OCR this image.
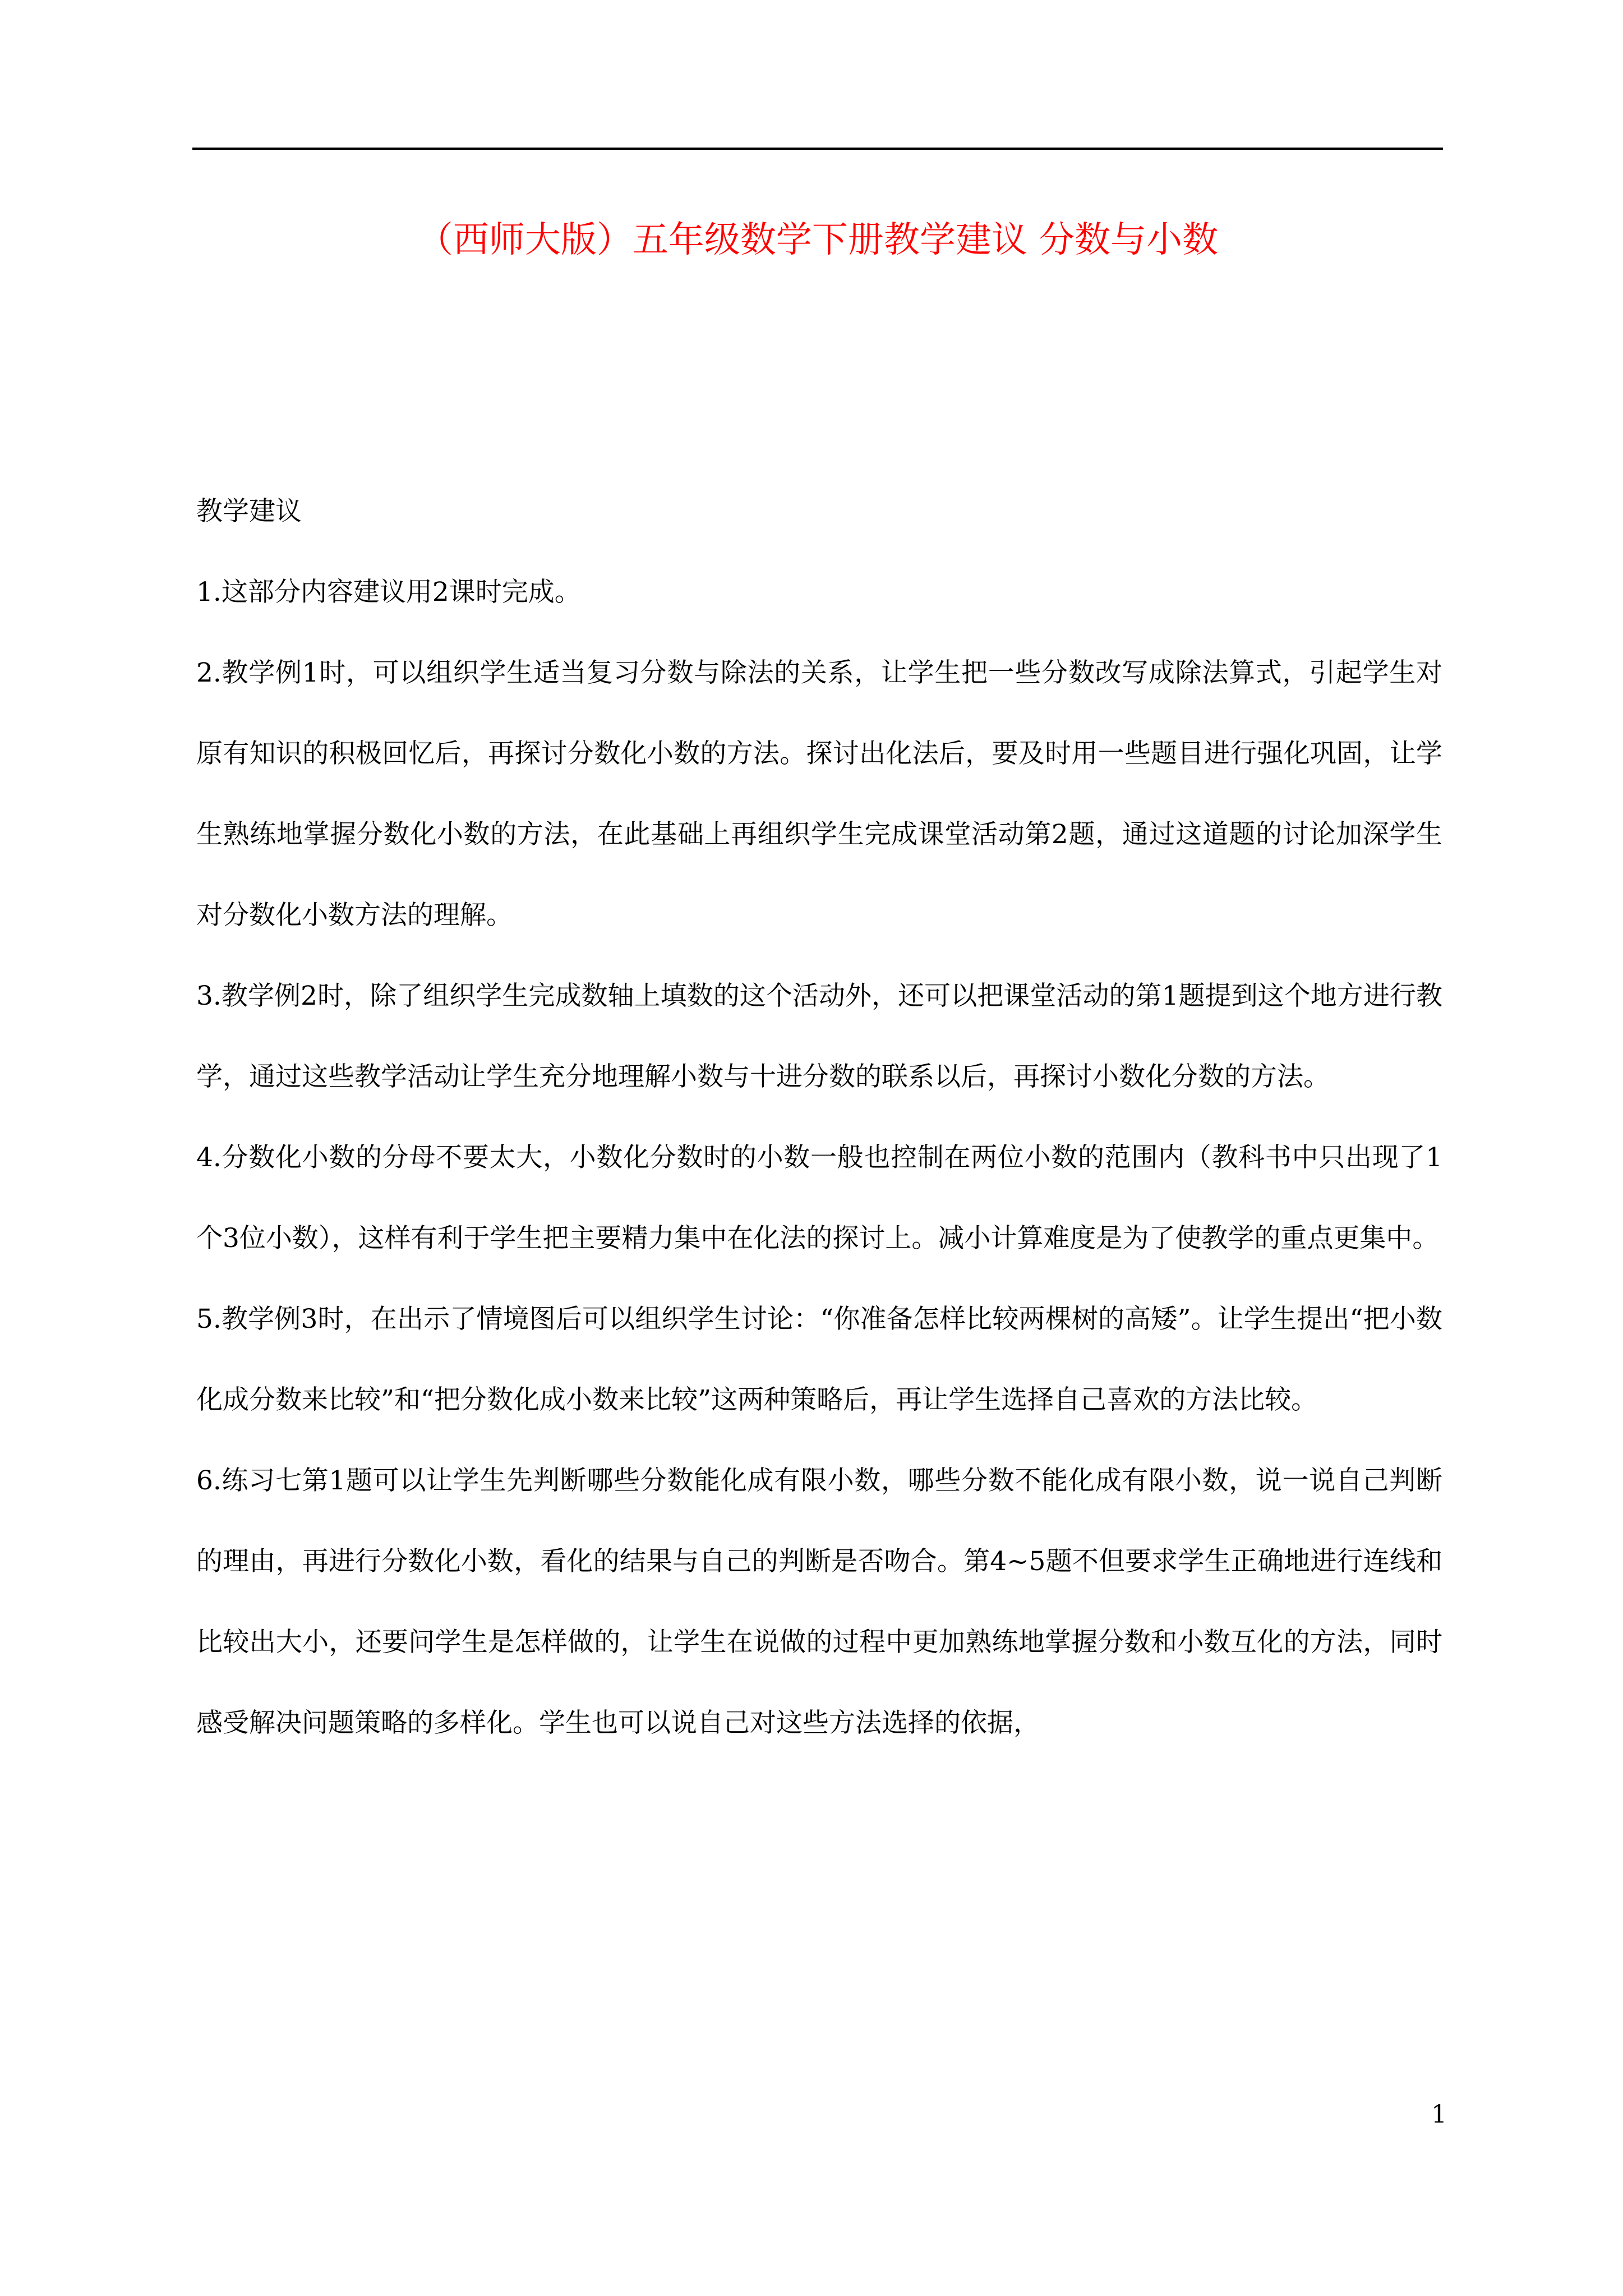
（西师大版）五年级数学下册教学建议 分数与小数

教学建议

1.这部分内容建议用2课时完成。

2.教学例1时，可以组织学生适当复习分数与除法的关系，让学生把一些分数改写成除法算式，引起学生对原有知识的积极回忆后，再探讨分数化小数的方法。探讨出化法后，要及时用一些题目进行强化巩固，让学生熟练地掌握分数化小数的方法，在此基础上再组织学生完成课堂活动第2题，通过这道题的讨论加深学生对分数化小数方法的理解。

3.教学例2时，除了组织学生完成数轴上填数的这个活动外，还可以把课堂活动的第1题提到这个地方进行教学，通过这些教学活动让学生充分地理解小数与十进分数的联系以后，再探讨小数化分数的方法。

4.分数化小数的分母不要太大，小数化分数时的小数一般也控制在两位小数的范围内（教科书中只出现了1个3位小数），这样有利于学生把主要精力集中在化法的探讨上。减小计算难度是为了使教学的重点更集中。

5.教学例3时，在出示了情境图后可以组织学生讨论：“你准备怎样比较两棵树的高矮”。让学生提出“把小数化成分数来比较”和“把分数化成小数来比较”这两种策略后，再让学生选择自己喜欢的方法比较。

6.练习七第1题可以让学生先判断哪些分数能化成有限小数，哪些分数不能化成有限小数，说一说自己判断的理由，再进行分数化小数，看化的结果与自己的判断是否吻合。第4~5题不但要求学生正确地进行连线和比较出大小，还要问学生是怎样做的，让学生在说做的过程中更加熟练地掌握分数和小数互化的方法，同时感受解决问题策略的多样化。学生也可以说自己对这些方法选择的依据，

1
